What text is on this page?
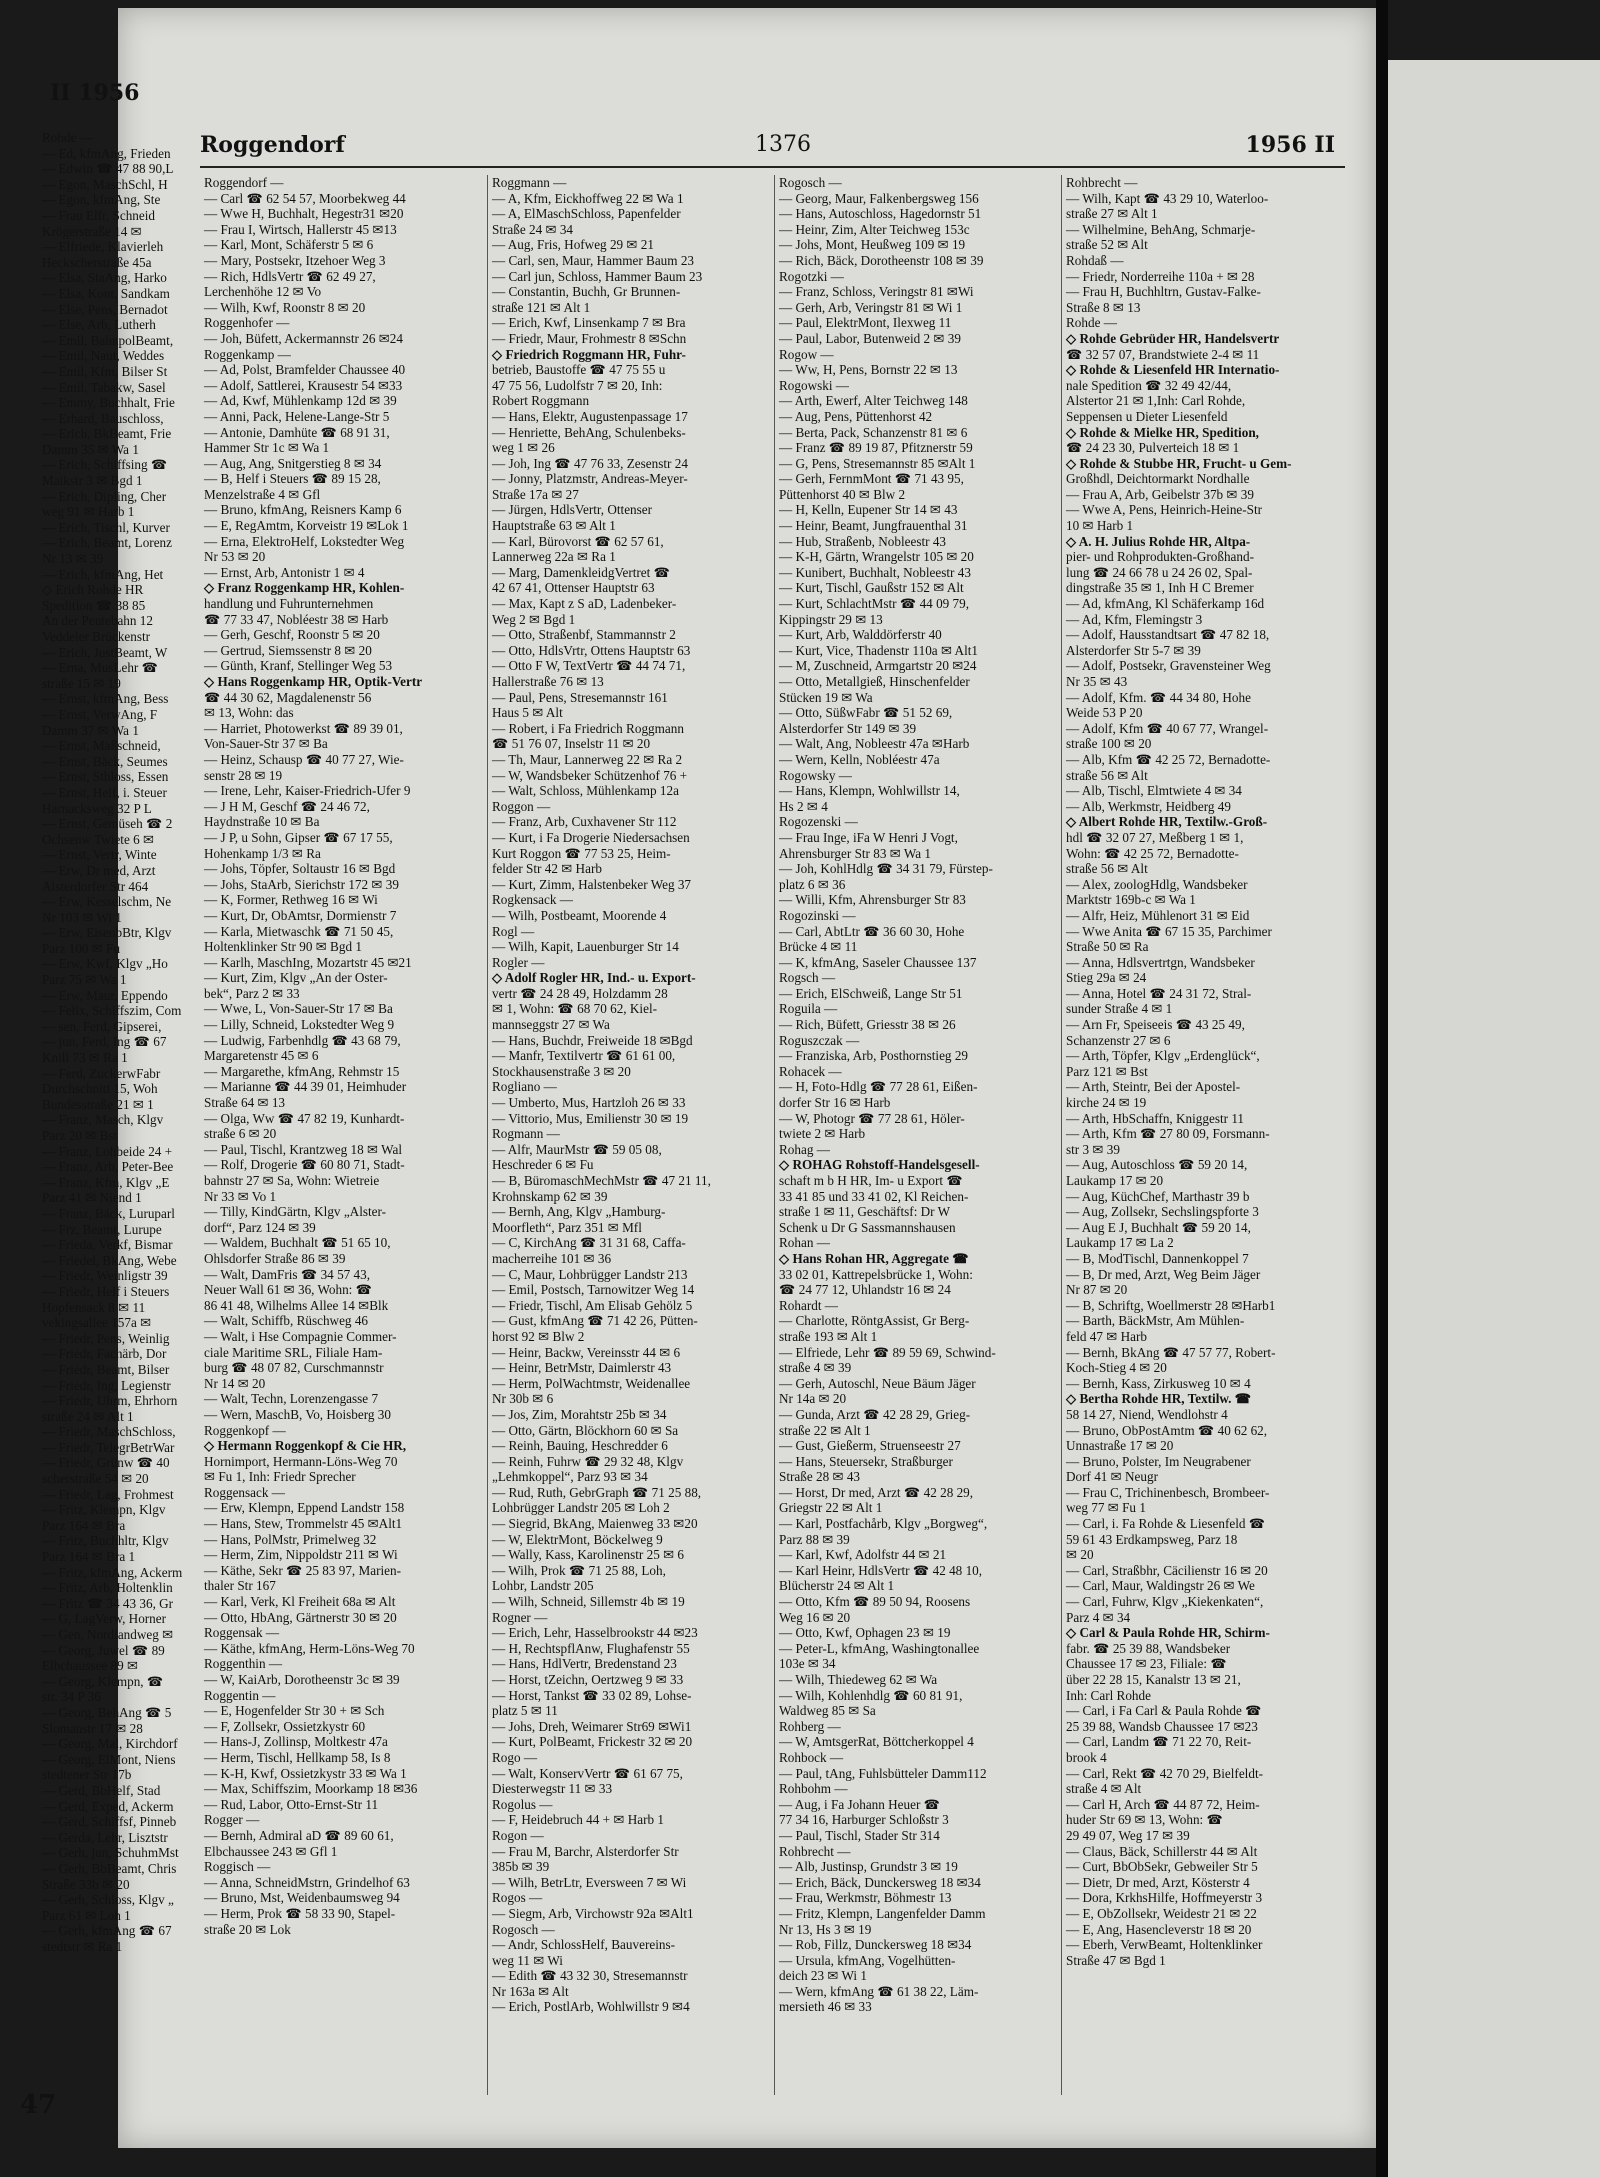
Roggendorf	1376	1956 II
Roggendorf —
— Carl ☎ 62 54 57, Moorbekweg 44
— Wwe H, Buchhalt, Hegestr31 ✉20
— Frau I, Wirtsch, Hallerstr 45 ✉13
— Karl, Mont, Schäferstr 5 ✉ 6
— Mary, Postsekr, Itzehoer Weg 3
— Rich, HdlsVertr ☎ 62 49 27,
Lerchenhöhe 12 ✉ Vo
— Wilh, Kwf, Roonstr 8 ✉ 20
Roggenhofer —
— Joh, Büfett, Ackermannstr 26 ✉24
Roggenkamp —
— Ad, Polst, Bramfelder Chaussee 40
— Adolf, Sattlerei, Krausestr 54 ✉33
— Ad, Kwf, Mühlenkamp 12d ✉ 39
— Anni, Pack, Helene-Lange-Str 5
— Antonie, Damhüte ☎ 68 91 31,
Hammer Str 1c ✉ Wa 1
— Aug, Ang, Snitgerstieg 8 ✉ 34
— B, Helf i Steuers ☎ 89 15 28,
Menzelstraße 4 ✉ Gfl
— Bruno, kfmAng, Reisners Kamp 6
— E, RegAmtm, Korveistr 19 ✉Lok 1
— Erna, ElektroHelf, Lokstedter Weg
Nr 53 ✉ 20
— Ernst, Arb, Antonistr 1 ✉ 4
◇ Franz Roggenkamp HR, Kohlen-
handlung und Fuhrunternehmen
☎ 77 33 47, Nobléestr 38 ✉ Harb
— Gerh, Geschf, Roonstr 5 ✉ 20
— Gertrud, Siemssenstr 8 ✉ 20
— Günth, Kranf, Stellinger Weg 53
◇ Hans Roggenkamp HR, Optik-Vertr
☎ 44 30 62, Magdalenenstr 56
✉ 13, Wohn: das
— Harriet, Photowerkst ☎ 89 39 01,
Von-Sauer-Str 37 ✉ Ba
— Heinz, Schausp ☎ 40 77 27, Wie-
senstr 28 ✉ 19
— Irene, Lehr, Kaiser-Friedrich-Ufer 9
— J H M, Geschf ☎ 24 46 72,
Haydnstraße 10 ✉ Ba
— J P, u Sohn, Gipser ☎ 67 17 55,
Hohenkamp 1/3 ✉ Ra
— Johs, Töpfer, Soltaustr 16 ✉ Bgd
— Johs, StaArb, Sierichstr 172 ✉ 39
— K, Former, Rethweg 16 ✉ Wi
— Kurt, Dr, ObAmtsr, Dormienstr 7
— Karla, Mietwaschk ☎ 71 50 45,
Holtenklinker Str 90 ✉ Bgd 1
— Karlh, MaschIng, Mozartstr 45 ✉21
— Kurt, Zim, Klgv „An der Oster-
bek“, Parz 2 ✉ 33
— Wwe, L, Von-Sauer-Str 17 ✉ Ba
— Lilly, Schneid, Lokstedter Weg 9
— Ludwig, Farbenhdlg ☎ 43 68 79,
Margaretenstr 45 ✉ 6
— Margarethe, kfmAng, Rehmstr 15
— Marianne ☎ 44 39 01, Heimhuder
Straße 64 ✉ 13
— Olga, Ww ☎ 47 82 19, Kunhardt-
straße 6 ✉ 20
— Paul, Tischl, Krantzweg 18 ✉ Wal
— Rolf, Drogerie ☎ 60 80 71, Stadt-
bahnstr 27 ✉ Sa, Wohn: Wietreie
Nr 33 ✉ Vo 1
— Tilly, KindGärtn, Klgv „Alster-
dorf“, Parz 124 ✉ 39
— Waldem, Buchhalt ☎ 51 65 10,
Ohlsdorfer Straße 86 ✉ 39
— Walt, DamFris ☎ 34 57 43,
Neuer Wall 61 ✉ 36, Wohn: ☎
86 41 48, Wilhelms Allee 14 ✉Blk
— Walt, Schiffb, Rüschweg 46
— Walt, i Hse Compagnie Commer-
ciale Maritime SRL, Filiale Ham-
burg ☎ 48 07 82, Curschmannstr
Nr 14 ✉ 20
— Walt, Techn, Lorenzengasse 7
— Wern, MaschB, Vo, Hoisberg 30
Roggenkopf —
◇ Hermann Roggenkopf & Cie HR,
Hornimport, Hermann-Löns-Weg 70
✉ Fu 1, Inh: Friedr Sprecher
Roggensack —
— Erw, Klempn, Eppend Landstr 158
— Hans, Stew, Trommelstr 45 ✉Alt1
— Hans, PolMstr, Primelweg 32
— Herm, Zim, Nippoldstr 211 ✉ Wi
— Käthe, Sekr ☎ 25 83 97, Marien-
thaler Str 167
— Karl, Verk, Kl Freiheit 68a ✉ Alt
— Otto, HbAng, Gärtnerstr 30 ✉ 20
Roggensak —
— Käthe, kfmAng, Herm-Löns-Weg 70
Roggenthin —
— W, KaiArb, Dorotheenstr 3c ✉ 39
Roggentin —
— E, Hogenfelder Str 30 + ✉ Sch
— F, Zollsekr, Ossietzkystr 60
— Hans-J, Zollinsp, Moltkestr 47a
— Herm, Tischl, Hellkamp 58, Is 8
— K-H, Kwf, Ossietzkystr 33 ✉ Wa 1
— Max, Schiffszim, Moorkamp 18 ✉36
— Rud, Labor, Otto-Ernst-Str 11
Rogger —
— Bernh, Admiral aD ☎ 89 60 61,
Elbchaussee 243 ✉ Gfl 1
Roggisch —
— Anna, SchneidMstrn, Grindelhof 63
— Bruno, Mst, Weidenbaumsweg 94
— Herm, Prok ☎ 58 33 90, Stapel-
straße 20 ✉ Lok
Roggmann —
— A, Kfm, Eickhoffweg 22 ✉ Wa 1
— A, ElMaschSchloss, Papenfelder
Straße 24 ✉ 34
— Aug, Fris, Hofweg 29 ✉ 21
— Carl, sen, Maur, Hammer Baum 23
— Carl jun, Schloss, Hammer Baum 23
— Constantin, Buchh, Gr Brunnen-
straße 121 ✉ Alt 1
— Erich, Kwf, Linsenkamp 7 ✉ Bra
— Friedr, Maur, Frohmestr 8 ✉Schn
◇ Friedrich Roggmann HR, Fuhr-
betrieb, Baustoffe ☎ 47 75 55 u
47 75 56, Ludolfstr 7 ✉ 20, Inh:
Robert Roggmann
— Hans, Elektr, Augustenpassage 17
— Henriette, BehAng, Schulenbeks-
weg 1 ✉ 26
— Joh, Ing ☎ 47 76 33, Zesenstr 24
— Jonny, Platzmstr, Andreas-Meyer-
Straße 17a ✉ 27
— Jürgen, HdlsVertr, Ottenser
Hauptstraße 63 ✉ Alt 1
— Karl, Bürovorst ☎ 62 57 61,
Lannerweg 22a ✉ Ra 1
— Marg, DamenkleidgVertret ☎
42 67 41, Ottenser Hauptstr 63
— Max, Kapt z S aD, Ladenbeker-
Weg 2 ✉ Bgd 1
— Otto, Straßenbf, Stammannstr 2
— Otto, HdlsVrtr, Ottens Hauptstr 63
— Otto F W, TextVertr ☎ 44 74 71,
Hallerstraße 76 ✉ 13
— Paul, Pens, Stresemannstr 161
Haus 5 ✉ Alt
— Robert, i Fa Friedrich Roggmann
☎ 51 76 07, Inselstr 11 ✉ 20
— Th, Maur, Lannerweg 22 ✉ Ra 2
— W, Wandsbeker Schützenhof 76 +
— Walt, Schloss, Mühlenkamp 12a
Roggon —
— Franz, Arb, Cuxhavener Str 112
— Kurt, i Fa Drogerie Niedersachsen
Kurt Roggon ☎ 77 53 25, Heim-
felder Str 42 ✉ Harb
— Kurt, Zimm, Halstenbeker Weg 37
Rogkensack —
— Wilh, Postbeamt, Moorende 4
Rogl —
— Wilh, Kapit, Lauenburger Str 14
Rogler —
◇ Adolf Rogler HR, Ind.- u. Export-
vertr ☎ 24 28 49, Holzdamm 28
✉ 1, Wohn: ☎ 68 70 62, Kiel-
mannseggstr 27 ✉ Wa
— Hans, Buchdr, Freiweide 18 ✉Bgd
— Manfr, Textilvertr ☎ 61 61 00,
Stockhausenstraße 3 ✉ 20
Rogliano —
— Umberto, Mus, Hartzloh 26 ✉ 33
— Vittorio, Mus, Emilienstr 30 ✉ 19
Rogmann —
— Alfr, MaurMstr ☎ 59 05 08,
Heschreder 6 ✉ Fu
— B, BüromaschMechMstr ☎ 47 21 11,
Krohnskamp 62 ✉ 39
— Bernh, Ang, Klgv „Hamburg-
Moorfleth“, Parz 351 ✉ Mfl
— C, KirchAng ☎ 31 31 68, Caffa-
macherreihe 101 ✉ 36
— C, Maur, Lohbrügger Landstr 213
— Emil, Postsch, Tarnowitzer Weg 14
— Friedr, Tischl, Am Elisab Gehölz 5
— Gust, kfmAng ☎ 71 42 26, Pütten-
horst 92 ✉ Blw 2
— Heinr, Backw, Vereinsstr 44 ✉ 6
— Heinr, BetrMstr, Daimlerstr 43
— Herm, PolWachtmstr, Weidenallee
Nr 30b ✉ 6
— Jos, Zim, Morahtstr 25b ✉ 34
— Otto, Gärtn, Blöckhorn 60 ✉ Sa
— Reinh, Bauing, Heschredder 6
— Reinh, Fuhrw ☎ 29 32 48, Klgv
„Lehmkoppel“, Parz 93 ✉ 34
— Rud, Ruth, GebrGraph ☎ 71 25 88,
Lohbrügger Landstr 205 ✉ Loh 2
— Siegrid, BkAng, Maienweg 33 ✉20
— W, ElektrMont, Böckelweg 9
— Wally, Kass, Karolinenstr 25 ✉ 6
— Wilh, Prok ☎ 71 25 88, Loh,
Lohbr, Landstr 205
— Wilh, Schneid, Sillemstr 4b ✉ 19
Rogner —
— Erich, Lehr, Hasselbrookstr 44 ✉23
— H, RechtspflAnw, Flughafenstr 55
— Hans, HdlVertr, Bredenstand 23
— Horst, tZeichn, Oertzweg 9 ✉ 33
— Horst, Tankst ☎ 33 02 89, Lohse-
platz 5 ✉ 11
— Johs, Dreh, Weimarer Str69 ✉Wi1
— Kurt, PolBeamt, Frickestr 32 ✉ 20
Rogo —
— Walt, KonservVertr ☎ 61 67 75,
Diesterwegstr 11 ✉ 33
Rogolus —
— F, Heidebruch 44 + ✉ Harb 1
Rogon —
— Frau M, Barchr, Alsterdorfer Str
385b ✉ 39
— Wilh, BetrLtr, Eversween 7 ✉ Wi
Rogos —
— Siegm, Arb, Virchowstr 92a ✉Alt1
Rogosch —
— Andr, SchlossHelf, Bauvereins-
weg 11 ✉ Wi
— Edith ☎ 43 32 30, Stresemannstr
Nr 163a ✉ Alt
— Erich, PostlArb, Wohlwillstr 9 ✉4
Rogosch —
— Georg, Maur, Falkenbergsweg 156
— Hans, Autoschloss, Hagedornstr 51
— Heinr, Zim, Alter Teichweg 153c
— Johs, Mont, Heußweg 109 ✉ 19
— Rich, Bäck, Dorotheenstr 108 ✉ 39
Rogotzki —
— Franz, Schloss, Veringstr 81 ✉Wi
— Gerh, Arb, Veringstr 81 ✉ Wi 1
— Paul, ElektrMont, Ilexweg 11
— Paul, Labor, Butenweid 2 ✉ 39
Rogow —
— Ww, H, Pens, Bornstr 22 ✉ 13
Rogowski —
— Arth, Ewerf, Alter Teichweg 148
— Aug, Pens, Püttenhorst 42
— Berta, Pack, Schanzenstr 81 ✉ 6
— Franz ☎ 89 19 87, Pfitznerstr 59
— G, Pens, Stresemannstr 85 ✉Alt 1
— Gerh, FernmMont ☎ 71 43 95,
Püttenhorst 40 ✉ Blw 2
— H, Kelln, Eupener Str 14 ✉ 43
— Heinr, Beamt, Jungfrauenthal 31
— Hub, Straßenb, Nobleestr 43
— K-H, Gärtn, Wrangelstr 105 ✉ 20
— Kunibert, Buchhalt, Nobleestr 43
— Kurt, Tischl, Gaußstr 152 ✉ Alt
— Kurt, SchlachtMstr ☎ 44 09 79,
Kippingstr 29 ✉ 13
— Kurt, Arb, Walddörferstr 40
— Kurt, Vice, Thadenstr 110a ✉ Alt1
— M, Zuschneid, Armgartstr 20 ✉24
— Otto, Metallgieß, Hinschenfelder
Stücken 19 ✉ Wa
— Otto, SüßwFabr ☎ 51 52 69,
Alsterdorfer Str 149 ✉ 39
— Walt, Ang, Nobleestr 47a ✉Harb
— Wern, Kelln, Nobléestr 47a
Rogowsky —
— Hans, Klempn, Wohlwillstr 14,
Hs 2 ✉ 4
Rogozenski —
— Frau Inge, iFa W Henri J Vogt,
Ahrensburger Str 83 ✉ Wa 1
— Joh, KohlHdlg ☎ 34 31 79, Fürstep-
platz 6 ✉ 36
— Willi, Kfm, Ahrensburger Str 83
Rogozinski —
— Carl, AbtLtr ☎ 36 60 30, Hohe
Brücke 4 ✉ 11
— K, kfmAng, Saseler Chaussee 137
Rogsch —
— Erich, ElSchweiß, Lange Str 51
Roguila —
— Rich, Büfett, Griesstr 38 ✉ 26
Roguszczak —
— Franziska, Arb, Posthornstieg 29
Rohacek —
— H, Foto-Hdlg ☎ 77 28 61, Eißen-
dorfer Str 16 ✉ Harb
— W, Photogr ☎ 77 28 61, Höler-
twiete 2 ✉ Harb
Rohag —
◇ ROHAG Rohstoff-Handelsgesell-
schaft m b H HR, Im- u Export ☎
33 41 85 und 33 41 02, Kl Reichen-
straße 1 ✉ 11, Geschäftsf: Dr W
Schenk u Dr G Sassmannshausen
Rohan —
◇ Hans Rohan HR, Aggregate ☎
33 02 01, Kattrepelsbrücke 1, Wohn:
☎ 24 77 12, Uhlandstr 16 ✉ 24
Rohardt —
— Charlotte, RöntgAssist, Gr Berg-
straße 193 ✉ Alt 1
— Elfriede, Lehr ☎ 89 59 69, Schwind-
straße 4 ✉ 39
— Gerh, Autoschl, Neue Bäum Jäger
Nr 14a ✉ 20
— Gunda, Arzt ☎ 42 28 29, Grieg-
straße 22 ✉ Alt 1
— Gust, Gießerm, Struenseestr 27
— Hans, Steuersekr, Straßburger
Straße 28 ✉ 43
— Horst, Dr med, Arzt ☎ 42 28 29,
Griegstr 22 ✉ Alt 1
— Karl, Postfachårb, Klgv „Borgweg“,
Parz 88 ✉ 39
— Karl, Kwf, Adolfstr 44 ✉ 21
— Karl Heinr, HdlsVertr ☎ 42 48 10,
Blücherstr 24 ✉ Alt 1
— Otto, Kfm ☎ 89 50 94, Roosens
Weg 16 ✉ 20
— Otto, Kwf, Ophagen 23 ✉ 19
— Peter-L, kfmAng, Washingtonallee
103e ✉ 34
— Wilh, Thiedeweg 62 ✉ Wa
— Wilh, Kohlenhdlg ☎ 60 81 91,
Waldweg 85 ✉ Sa
Rohberg —
— W, AmtsgerRat, Böttcherkoppel 4
Rohbock —
— Paul, tAng, Fuhlsbütteler Damm112
Rohbohm —
— Aug, i Fa Johann Heuer ☎
77 34 16, Harburger Schloßstr 3
— Paul, Tischl, Stader Str 314
Rohbrecht —
— Alb, Justinsp, Grundstr 3 ✉ 19
— Erich, Bäck, Dunckersweg 18 ✉34
— Frau, Werkmstr, Böhmestr 13
— Fritz, Klempn, Langenfelder Damm
Nr 13, Hs 3 ✉ 19
— Rob, Fillz, Dunckersweg 18 ✉34
— Ursula, kfmAng, Vogelhütten-
deich 23 ✉ Wi 1
— Wern, kfmAng ☎ 61 38 22, Läm-
mersieth 46 ✉ 33
Rohbrecht —
— Wilh, Kapt ☎ 43 29 10, Waterloo-
straße 27 ✉ Alt 1
— Wilhelmine, BehAng, Schmarje-
straße 52 ✉ Alt
Rohdaß —
— Friedr, Norderreihe 110a + ✉ 28
— Frau H, Buchhltrn, Gustav-Falke-
Straße 8 ✉ 13
Rohde —
◇ Rohde Gebrüder HR, Handelsvertr
☎ 32 57 07, Brandstwiete 2-4 ✉ 11
◇ Rohde & Liesenfeld HR Internatio-
nale Spedition ☎ 32 49 42/44,
Alstertor 21 ✉ 1,Inh: Carl Rohde,
Seppensen u Dieter Liesenfeld
◇ Rohde & Mielke HR, Spedition,
☎ 24 23 30, Pulverteich 18 ✉ 1
◇ Rohde & Stubbe HR, Frucht- u Gem-
Großhdl, Deichtormarkt Nordhalle
— Frau A, Arb, Geibelstr 37b ✉ 39
— Wwe A, Pens, Heinrich-Heine-Str
10 ✉ Harb 1
◇ A. H. Julius Rohde HR, Altpa-
pier- und Rohprodukten-Großhand-
lung ☎ 24 66 78 u 24 26 02, Spal-
dingstraße 35 ✉ 1, Inh H C Bremer
— Ad, kfmAng, Kl Schäferkamp 16d
— Ad, Kfm, Flemingstr 3
— Adolf, Hausstandtsart ☎ 47 82 18,
Alsterdorfer Str 5-7 ✉ 39
— Adolf, Postsekr, Gravensteiner Weg
Nr 35 ✉ 43
— Adolf, Kfm. ☎ 44 34 80, Hohe
Weide 53 P 20
— Adolf, Kfm ☎ 40 67 77, Wrangel-
straße 100 ✉ 20
— Alb, Kfm ☎ 42 25 72, Bernadotte-
straße 56 ✉ Alt
— Alb, Tischl, Elmtwiete 4 ✉ 34
— Alb, Werkmstr, Heidberg 49
◇ Albert Rohde HR, Textilw.-Groß-
hdl ☎ 32 07 27, Meßberg 1 ✉ 1,
Wohn: ☎ 42 25 72, Bernadotte-
straße 56 ✉ Alt
— Alex, zoologHdlg, Wandsbeker
Marktstr 169b-c ✉ Wa 1
— Alfr, Heiz, Mühlenort 31 ✉ Eid
— Wwe Anita ☎ 67 15 35, Parchimer
Straße 50 ✉ Ra
— Anna, Hdlsvertrtgn, Wandsbeker
Stieg 29a ✉ 24
— Anna, Hotel ☎ 24 31 72, Stral-
sunder Straße 4 ✉ 1
— Arn Fr, Speiseeis ☎ 43 25 49,
Schanzenstr 27 ✉ 6
— Arth, Töpfer, Klgv „Erdenglück“,
Parz 121 ✉ Bst
— Arth, Steintr, Bei der Apostel-
kirche 24 ✉ 19
— Arth, HbSchaffn, Kniggestr 11
— Arth, Kfm ☎ 27 80 09, Forsmann-
str 3 ✉ 39
— Aug, Autoschloss ☎ 59 20 14,
Laukamp 17 ✉ 20
— Aug, KüchChef, Marthastr 39 b
— Aug, Zollsekr, Sechslingspforte 3
— Aug E J, Buchhalt ☎ 59 20 14,
Laukamp 17 ✉ La 2
— B, ModTischl, Dannenkoppel 7
— B, Dr med, Arzt, Weg Beim Jäger
Nr 87 ✉ 20
— B, Schriftg, Woellmerstr 28 ✉Harb1
— Barth, BäckMstr, Am Mühlen-
feld 47 ✉ Harb
— Bernh, BkAng ☎ 47 57 77, Robert-
Koch-Stieg 4 ✉ 20
— Bernh, Kass, Zirkusweg 10 ✉ 4
◇ Bertha Rohde HR, Textilw. ☎
58 14 27, Niend, Wendlohstr 4
— Bruno, ObPostAmtm ☎ 40 62 62,
Unnastraße 17 ✉ 20
— Bruno, Polster, Im Neugrabener
Dorf 41 ✉ Neugr
— Frau C, Trichinenbesch, Brombeer-
weg 77 ✉ Fu 1
— Carl, i. Fa Rohde & Liesenfeld ☎
59 61 43 Erdkampsweg, Parz 18
✉ 20
— Carl, Straßbhr, Cäcilienstr 16 ✉ 20
— Carl, Maur, Waldingstr 26 ✉ We
— Carl, Fuhrw, Klgv „Kiekenkaten“,
Parz 4 ✉ 34
◇ Carl & Paula Rohde HR, Schirm-
fabr. ☎ 25 39 88, Wandsbeker
Chaussee 17 ✉ 23, Filiale: ☎
über 22 28 15, Kanalstr 13 ✉ 21,
Inh: Carl Rohde
— Carl, i Fa Carl & Paula Rohde ☎
25 39 88, Wandsb Chaussee 17 ✉23
— Carl, Landm ☎ 71 22 70, Reit-
brook 4
— Carl, Rekt ☎ 42 70 29, Bielfeldt-
straße 4 ✉ Alt
— Carl H, Arch ☎ 44 87 72, Heim-
huder Str 69 ✉ 13, Wohn: ☎
29 49 07, Weg 17 ✉ 39
— Claus, Bäck, Schillerstr 44 ✉ Alt
— Curt, BbObSekr, Gebweiler Str 5
— Dietr, Dr med, Arzt, Kösterstr 4
— Dora, KrkhsHilfe, Hoffmeyerstr 3
— E, ObZollsekr, Weidestr 21 ✉ 22
— E, Ang, Hasencleverstr 18 ✉ 20
— Eberh, VerwBeamt, Holtenklinker
Straße 47 ✉ Bgd 1
II 1956
Rohde —
— Ed, kfmAng, Frieden
— Edwin ☎ 47 88 90,L
— Egon, MaschSchl, H
— Egon, kfmAng, Ste
— Frau Elfr, Schneid
Krögerstraße 14 ✉
— Elfriede, Klavierleh
Heckscherstraße 45a
— Elsa, StaAng, Harko
— Elsa, Kont, Sandkam
— Else, Pens, Bernadot
— Else, Arb, Lutherh
— Emil, BahnpolBeamt,
— Emil, Naut, Weddes
— Emil, Kfm, Bilser St
— Emil, Tabakw, Sasel
— Emmy, Buchhalt, Frie
— Erhard, Bauschloss,
— Erich, BkBeamt, Frie
Damm 35 ✉ Wa 1
— Erich, Schiffsing ☎
Maikstr 3 ✉ Bgd 1
— Erich, Dipling, Cher
weg 91 ✉ Harb 1
— Erich, Tischl, Kurver
— Erich, Beamt, Lorenz
Nr 13 ✉ 39
— Erich, kfmAng, Het
◇ Erich Rohde HR
Spedition ☎ 38 85
An der Peutebahn 12
Veddeler Brückenstr
— Erich, JustBeamt, W
— Erna, MusLehr ☎
straße 15 ✉ 19
— Ernst, kfmAng, Bess
— Ernst, VerwAng, F
Damm 37 ✉ Wa 1
— Ernst, Maßschneid,
— Ernst, Bäck, Seumes
— Ernst, Sthloss, Essen
— Ernst, Helf, i. Steuer
Harnacksweg 32 P L
— Ernst, Gemüseh ☎ 2
Ochsenw Twiete 6 ✉
— Ernst, Vertr, Winte
— Erw, Dr med, Arzt
Alsterdorfer Str 464
— Erw, Kesselschm, Ne
Nr 103 ✉ Wi 1
— Erw, EisenbBtr, Klgv
Parz 100 ✉ Fu
— Erw, Kwf, Klgv „Ho
Parz 75 ✉ Wa 1
— Erw, Maur, Eppendo
— Felix, Schiffszim, Com
— sen, Ferd, Gipserei,
— jun, Ferd, Ing ☎ 67
Knill 73 ✉ Ra 1
— Ferd, ZuckerwFabr
Durchschnitt 15, Woh
Bundesstraße 21 ✉ 1
— Franz, Masch, Klgv
Parz 20 ✉ Bst
— Franz, Lohbeide 24 +
— Franz, Arb, Peter-Bee
— Franz, Kfm, Klgv „E
Parz 41 ✉ Niend 1
— Franz, Bäck, Luruparl
— Frz, Beamt, Lurupe
— Frieda, Verkf, Bismar
— Friedel, BkAng, Webe
— Friedr, Weinligstr 39
— Friedr, Helf i Steuers
Hopfensack 8 ✉ 11
vekingsallee 157a ✉
— Friedr, Pens, Weinlig
— Friedr, Fachärb, Dor
— Friedr, Beamt, Bilser
— Friedr, Ing, Legienstr
— Friedr, Uhrm, Ehrhorn
straße 24 ✉ Alt 1
— Friedr, MaschSchloss,
— Friedr, TelegrBetrWar
— Friedr, Grünw ☎ 40
scherstraße 54 ✉ 20
— Friedr, Lag, Frohmest
— Fritz, Klempn, Klgv
Parz 164 ✉ Bra
— Fritz, Buchhltr, Klgv
Parz 164 ✉ Bra 1
— Fritz, kfmAng, Ackerm
— Fritz, Arb, Holtenklin
— Fritz ☎ 34 43 36, Gr
— G, LagVerw, Horner
— Gen, Nordlandweg ✉
— Georg, Juwel ☎ 89
Elbchaussee 89 ✉
— Georg, Klempn, ☎
str. 34 P 36
— Georg, BehAng ☎ 5
Slomanstr 17 ✉ 28
— Georg, Mal, Kirchdorf
— Georg, ElMont, Niens
stedtener Str 17b
— Gerd, BbHelf, Stad
— Gerd, Exped, Ackerm
— Gerd, Schiffsf, Pinneb
— Gerda, Lehr, Lisztstr
— Gerh, jun, SchuhmMst
— Gerh, BbBeamt, Chris
Straße 33b ✉ 20
— Gerh, Schloss, Klgv „
Parz 61 ✉ Loh 1
— Gerh, kfmAng ☎ 67
stedtstr ✉ Ra 1
47
